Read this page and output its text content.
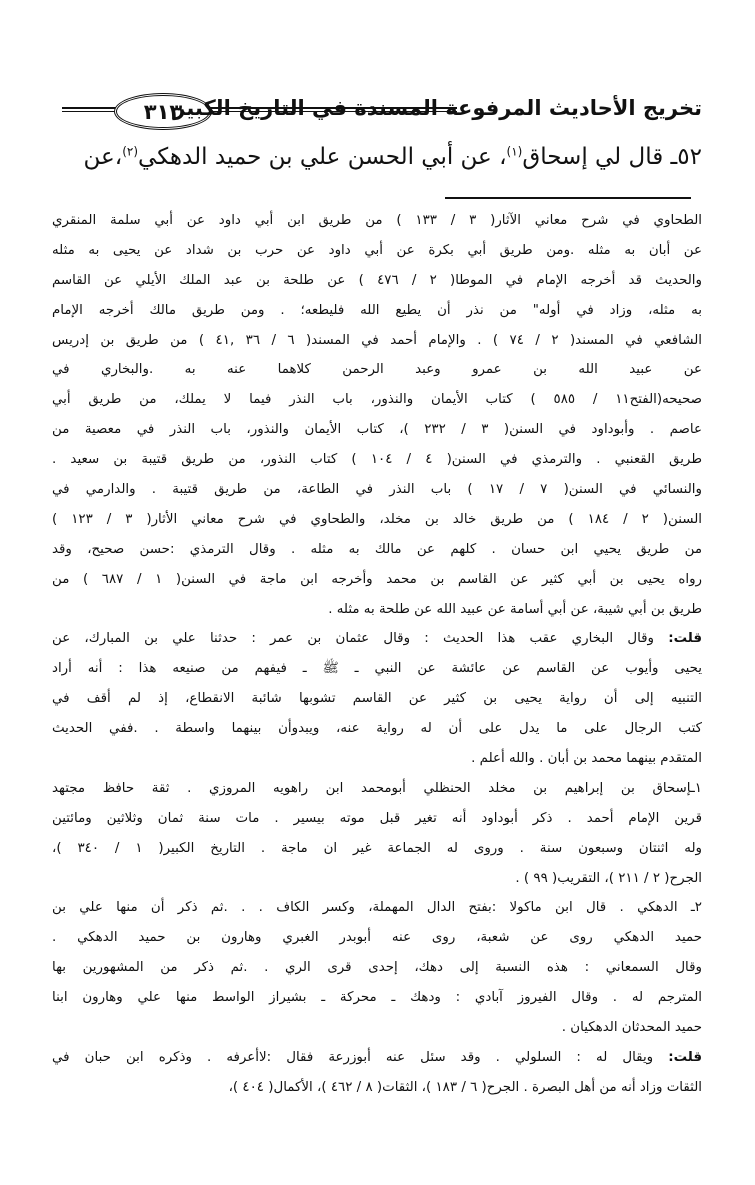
٣١٣
تخريج الأحاديث المرفوعة المسندة في التاريخ الكبير
٥٢ـ قال لي إسحاق$^{(١)}$، عن أبي الحسن علي بن حميد الدهكي$^{(٢)}$،عن
الطحاوي في شرح معاني الآثار( ٣ / ١٣٣ ) من طريق ابن أبي داود عن أبي سلمة المنقري
عن أبان به مثله .ومن طريق أبي بكرة عن أبي داود عن حرب بن شداد عن يحيى به مثله
والحديث قد أخرجه الإمام في الموطا( ٢ / ٤٧٦ ) عن طلحة بن عبد الملك الأيلي عن القاسم
به مثله، وزاد في أوله" من نذر أن يطيع الله فليطعه؛ . ومن طريق مالك أخرجه الإمام
الشافعي في المسند( ٢ / ٧٤ ) . والإمام أحمد في المسند( ٦ / ٣٦ ,٤١ ) من طريق بن إدريس
عن عبيد الله بن عمرو وعبد الرحمن كلاهما عنه به .والبخاري في
صحيحه(الفتح١١ / ٥٨٥ ) كتاب الأيمان والنذور، باب النذر فيما لا يملك، من طريق أبي
عاصم . وأبوداود في السنن( ٣ / ٢٣٢ )، كتاب الأيمان والنذور، باب النذر في معصية من
طريق القعنبي . والترمذي في السنن( ٤ / ١٠٤ ) كتاب النذور، من طريق قتيبة بن سعيد .
والنسائي في السنن( ٧ / ١٧ ) باب النذر في الطاعة، من طريق قتيبة . والدارمي في
السنن( ٢ / ١٨٤ ) من طريق خالد بن مخلد، والطحاوي في شرح معاني الأثار( ٣ / ١٢٣ )
من طريق يحيي ابن حسان . كلهم عن مالك به مثله . وقال الترمذي :حسن صحيح، وقد
رواه يحيى بن أبي كثير عن القاسم بن محمد وأخرجه ابن ماجة في السنن( ١ / ٦٨٧ ) من
طريق بن أبي شيبة، عن أبي أسامة عن عبيد الله عن طلحة به مثله .
قلت: وقال البخاري عقب هذا الحديث : وقال عثمان بن عمر : حدثنا علي بن المبارك، عن
يحيى وأيوب عن القاسم عن عائشة عن النبي ـ ﷺ ـ فيفهم من صنيعه هذا : أنه أراد
التنبيه إلى أن رواية يحيى بن كثير عن القاسم تشوبها شائبة الانقطاع، إذ لم أقف في
كتب الرجال على ما يدل على أن له رواية عنه، ويبدوأن بينهما واسطة . .ففي الحديث
المتقدم بينهما محمد بن أبان . والله أعلم .
١ـإسحاق بن إبراهيم بن مخلد الحنظلي أبومحمد ابن راهويه المروزي . ثقة حافظ مجتهد
قرين الإمام أحمد . ذكر أبوداود أنه تغير قبل موته بيسير . مات سنة ثمان وثلاثين ومائتين
وله اثنتان وسبعون سنة . وروى له الجماعة غير ان ماجة . التاريخ الكبير( ١ / ٣٤٠ )،
الجرح( ٢ / ٢١١ )، التقريب( ٩٩ ) .
٢ـ الدهكي . قال ابن ماكولا :بفتح الدال المهملة، وكسر الكاف . . .ثم ذكر أن منها علي بن
حميد الدهكي روى عن شعبة، روى عنه أبوبدر الغبري وهارون بن حميد الدهكي .
وقال السمعاني : هذه النسبة إلى دهك، إحدى قرى الري . .ثم ذكر من المشهورين بها
المترجم له . وقال الفيروز آبادي : ودهك ـ محركة ـ بشيراز الواسط منها علي وهارون ابنا
حميد المحدثان الدهكيان .
قلت: ويقال له : السلولي . وقد سئل عنه أبوزرعة فقال :لاأعرفه . وذكره ابن حبان في
الثقات وزاد أنه من أهل البصرة . الجرح( ٦ / ١٨٣ )، الثقات( ٨ / ٤٦٢ )، الأكمال( ٤٠٤ )،
